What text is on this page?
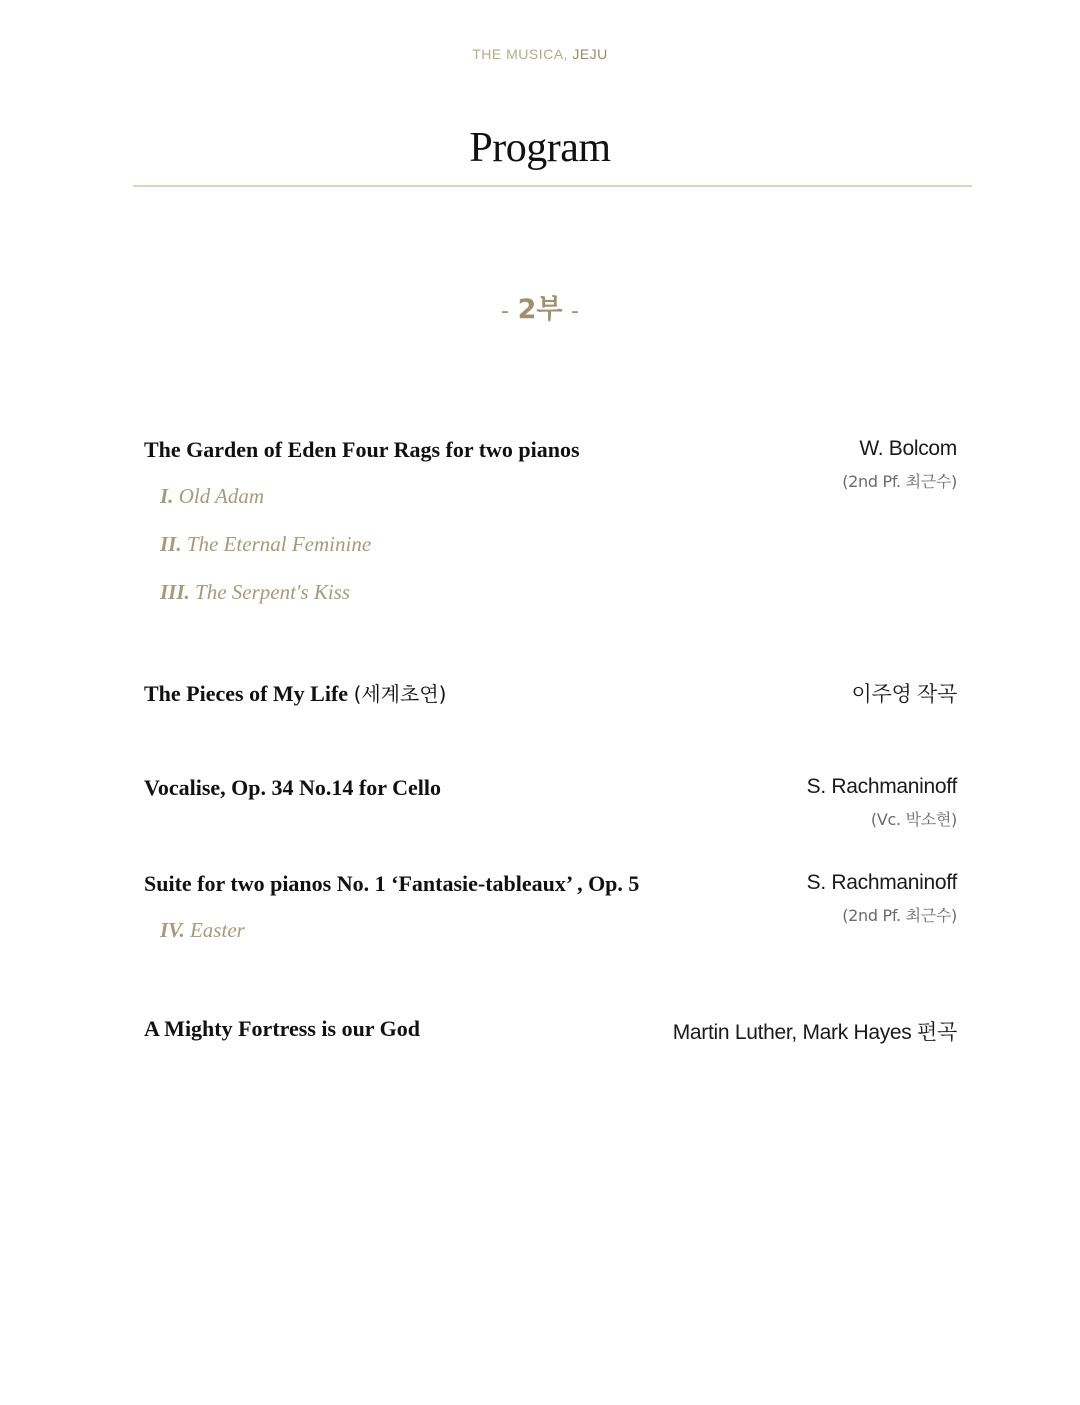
THE MUSICA, JEJU
Program
- 2부 -
The Garden of Eden Four Rags for two pianos	W. Bolcom
(2nd Pf. 최근수)
I. Old Adam
II. The Eternal Feminine
III. The Serpent's Kiss
The Pieces of My Life (세계초연)	이주영 작곡
Vocalise, Op. 34 No.14 for Cello	S. Rachmaninoff
(Vc. 박소현)
Suite for two pianos No. 1 ‘Fantasie-tableaux’ , Op. 5	S. Rachmaninoff
(2nd Pf. 최근수)
IV. Easter
A Mighty Fortress is our God	Martin Luther, Mark Hayes 편곡
